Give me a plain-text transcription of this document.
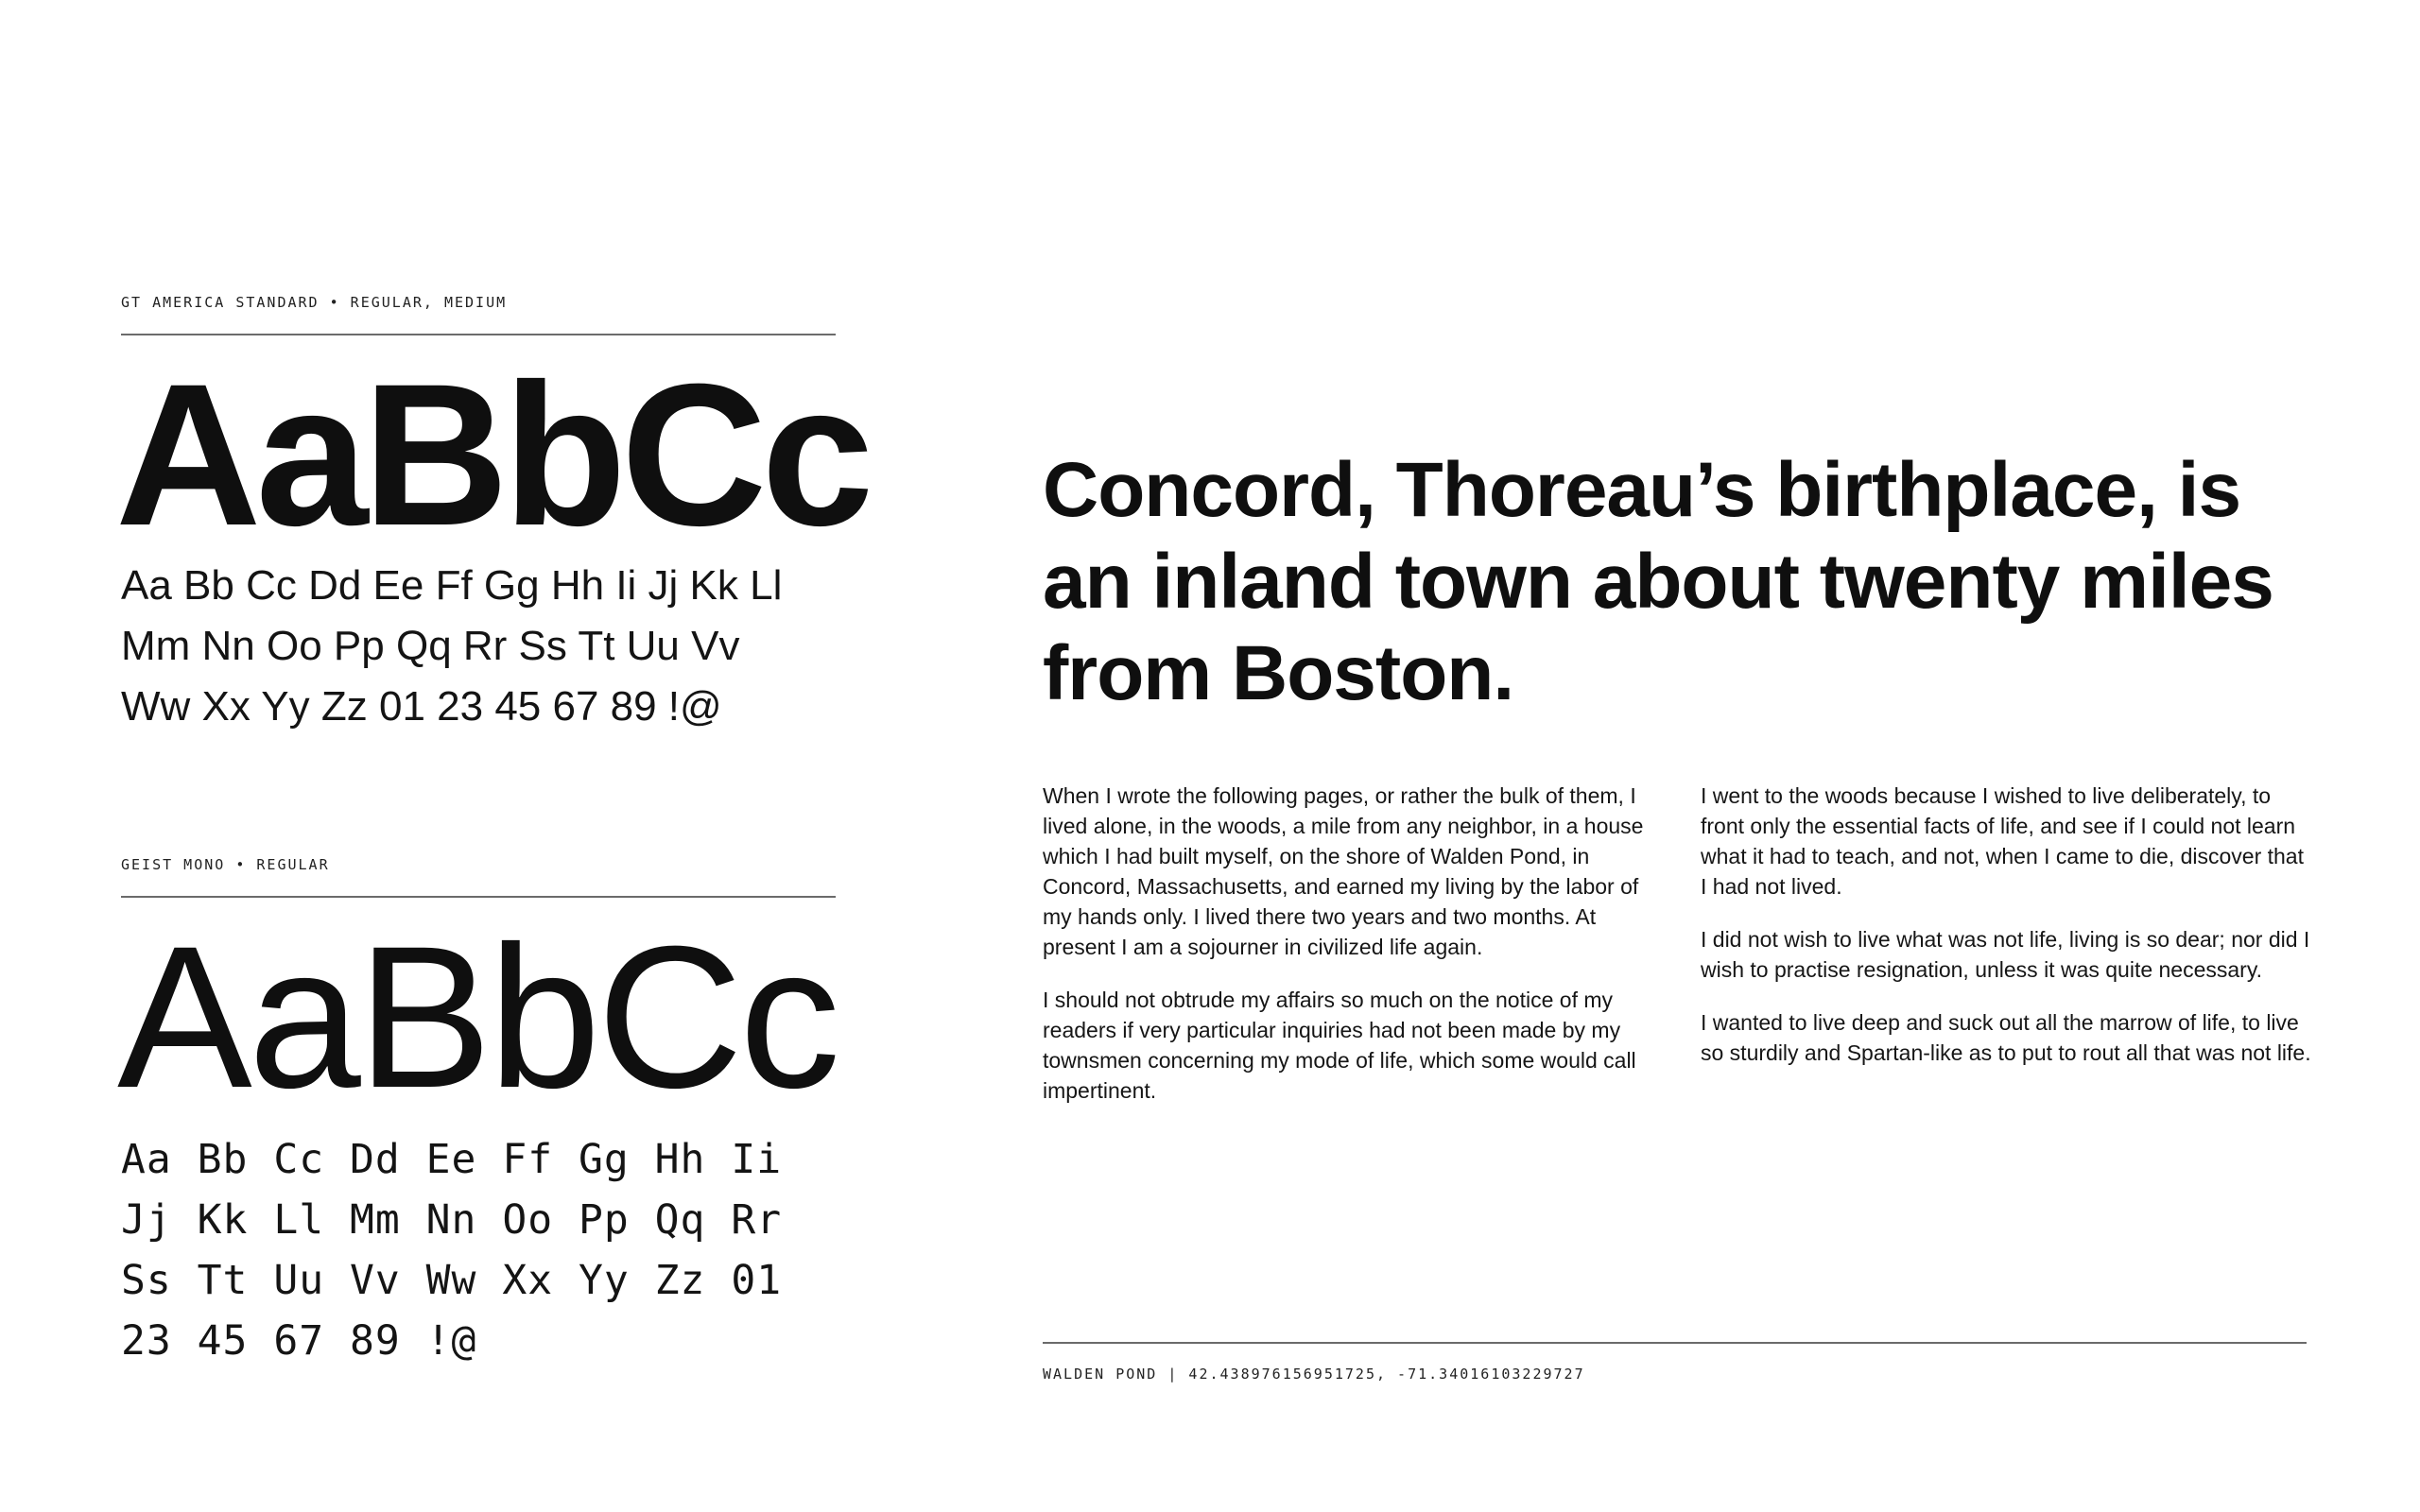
GT AMERICA STANDARD • REGULAR, MEDIUM
AaBbCc
Aa Bb Cc Dd Ee Ff Gg Hh Ii Jj Kk Ll
Mm Nn Oo Pp Qq Rr Ss Tt Uu Vv
Ww Xx Yy Zz 01 23 45 67 89 !@
GEIST MONO • REGULAR
AaBbCc
Aa Bb Cc Dd Ee Ff Gg Hh Ii
Jj Kk Ll Mm Nn Oo Pp Qq Rr
Ss Tt Uu Vv Ww Xx Yy Zz 01
23 45 67 89 !@
Concord, Thoreau’s birthplace, is an inland town about twenty miles from Boston.

When I wrote the following pages, or rather the bulk of them, I lived alone, in the woods, a mile from any neighbor, in a house which I had built myself, on the shore of Walden Pond, in Concord, Massachusetts, and earned my living by the labor of my hands only. I lived there two years and two months. At present I am a sojourner in civilized life again.

I should not obtrude my affairs so much on the notice of my readers if very particular inquiries had not been made by my townsmen concerning my mode of life, which some would call impertinent.

I went to the woods because I wished to live deliberately, to front only the essential facts of life, and see if I could not learn what it had to teach, and not, when I came to die, discover that I had not lived.

I did not wish to live what was not life, living is so dear; nor did I wish to practise resignation, unless it was quite necessary.

I wanted to live deep and suck out all the marrow of life, to live so sturdily and Spartan-like as to put to rout all that was not life.

WALDEN POND | 42.438976156951725, -71.34016103229727
